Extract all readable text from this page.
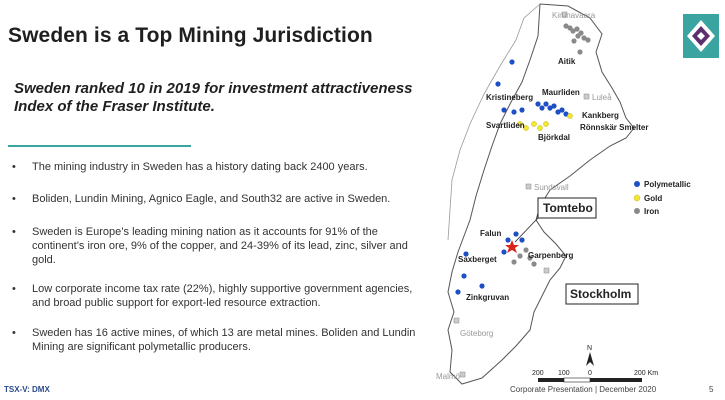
Sweden is a Top Mining Jurisdiction
Sweden ranked 10 in 2019 for investment attractiveness Index of the Fraser Institute.
• The mining industry in Sweden has a history dating back 2400 years.
• Boliden, Lundin Mining, Agnico Eagle, and South32 are active in Sweden.
• Sweden is Europe’s leading mining nation as it accounts for 91% of the continent’s iron ore, 9% of the copper, and 24-39% of its lead, zinc, silver and gold.
• Low corporate income tax rate (22%), highly supportive government agencies, and broad public support for export-led resource extraction.
• Sweden has 16 active mines, of which 13 are metal mines. Boliden and Lundin Mining are significant polymetallic producers.
Kirunavaara
Luleå
Sundsvall
Göteborg
Malmö
Aitik
Maurliden
Kristineberg
Kankberg
Svartliden
Björkdal
Rönnskär Smelter
Falun
Saxberget	Garpenberg
Zinkgruvan
Tomtebo
Stockholm
Polymetallic
Gold
Iron
N
200 100	0	200 Km
TSX-V: DMX	Corporate Presentation | December 2020	5
